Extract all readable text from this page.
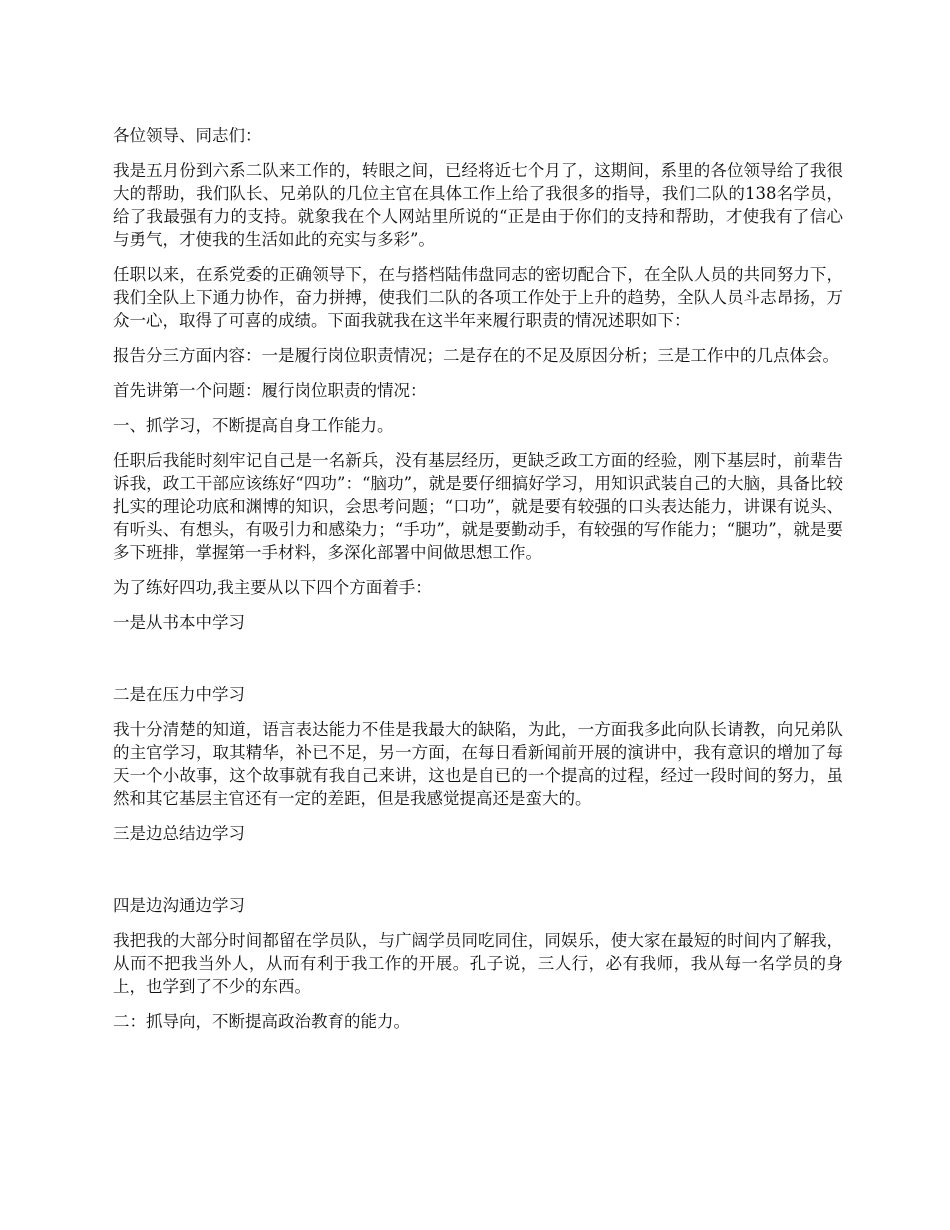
各位领导、同志们：

我是五月份到六系二队来工作的，转眼之间，已经将近七个月了，这期间，系里的各位领导给了我很大的帮助，我们队长、兄弟队的几位主官在具体工作上给了我很多的指导，我们二队的138名学员，给了我最强有力的支持。就象我在个人网站里所说的“正是由于你们的支持和帮助，才使我有了信心与勇气，才使我的生活如此的充实与多彩”。

任职以来，在系党委的正确领导下，在与搭档陆伟盘同志的密切配合下，在全队人员的共同努力下，我们全队上下通力协作，奋力拼搏，使我们二队的各项工作处于上升的趋势，全队人员斗志昂扬，万众一心，取得了可喜的成绩。下面我就我在这半年来履行职责的情况述职如下：

报告分三方面内容：一是履行岗位职责情况；二是存在的不足及原因分析；三是工作中的几点体会。

首先讲第一个问题：履行岗位职责的情况：

一、抓学习，不断提高自身工作能力。

任职后我能时刻牢记自己是一名新兵，没有基层经历，更缺乏政工方面的经验，刚下基层时，前辈告诉我，政工干部应该练好“四功”：“脑功”，就是要仔细搞好学习，用知识武装自己的大脑，具备比较扎实的理论功底和渊博的知识，会思考问题；“口功”，就是要有较强的口头表达能力，讲课有说头、有听头、有想头，有吸引力和感染力；“手功”，就是要勤动手，有较强的写作能力；“腿功”，就是要多下班排，掌握第一手材料，多深化部署中间做思想工作。

为了练好四功,我主要从以下四个方面着手：

一是从书本中学习

二是在压力中学习

我十分清楚的知道，语言表达能力不佳是我最大的缺陷，为此，一方面我多此向队长请教，向兄弟队的主官学习，取其精华，补已不足，另一方面，在每日看新闻前开展的演讲中，我有意识的增加了每天一个小故事，这个故事就有我自己来讲，这也是自已的一个提高的过程，经过一段时间的努力，虽然和其它基层主官还有一定的差距，但是我感觉提高还是蛮大的。

三是边总结边学习

四是边沟通边学习

我把我的大部分时间都留在学员队，与广阔学员同吃同住，同娱乐，使大家在最短的时间内了解我，从而不把我当外人，从而有利于我工作的开展。孔子说，三人行，必有我师，我从每一名学员的身上，也学到了不少的东西。

二：抓导向，不断提高政治教育的能力。
